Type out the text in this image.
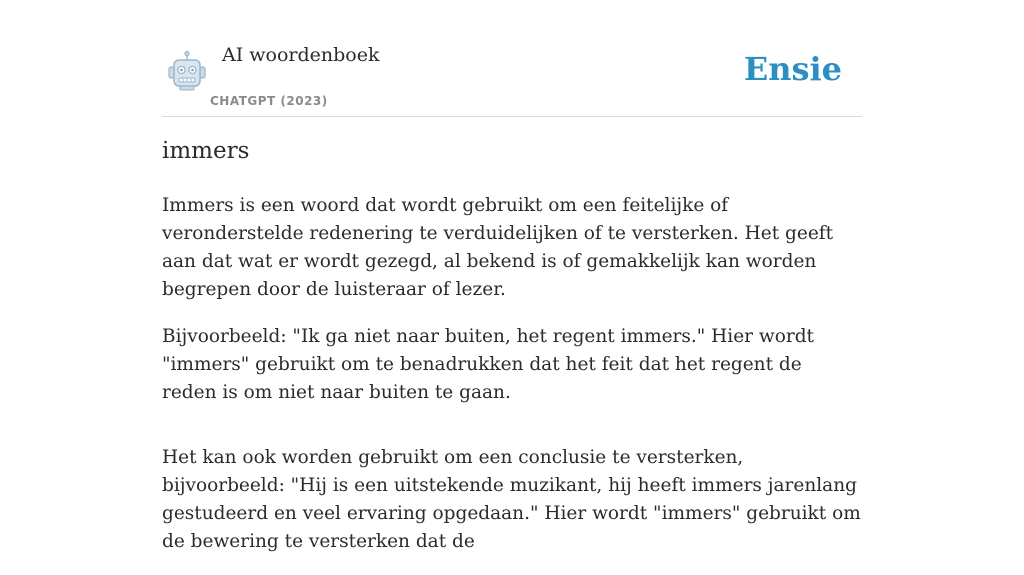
AI woordenboek
CHATGPT (2023)
Ensie
immers

Immers is een woord dat wordt gebruikt om een feitelijke of veronderstelde redenering te verduidelijken of te versterken. Het geeft aan dat wat er wordt gezegd, al bekend is of gemakkelijk kan worden begrepen door de luisteraar of lezer.

Bijvoorbeeld: "Ik ga niet naar buiten, het regent immers." Hier wordt "immers" gebruikt om te benadrukken dat het feit dat het regent de reden is om niet naar buiten te gaan.

Het kan ook worden gebruikt om een conclusie te versterken, bijvoorbeeld: "Hij is een uitstekende muzikant, hij heeft immers jarenlang gestudeerd en veel ervaring opgedaan." Hier wordt "immers" gebruikt om de bewering te versterken dat de
